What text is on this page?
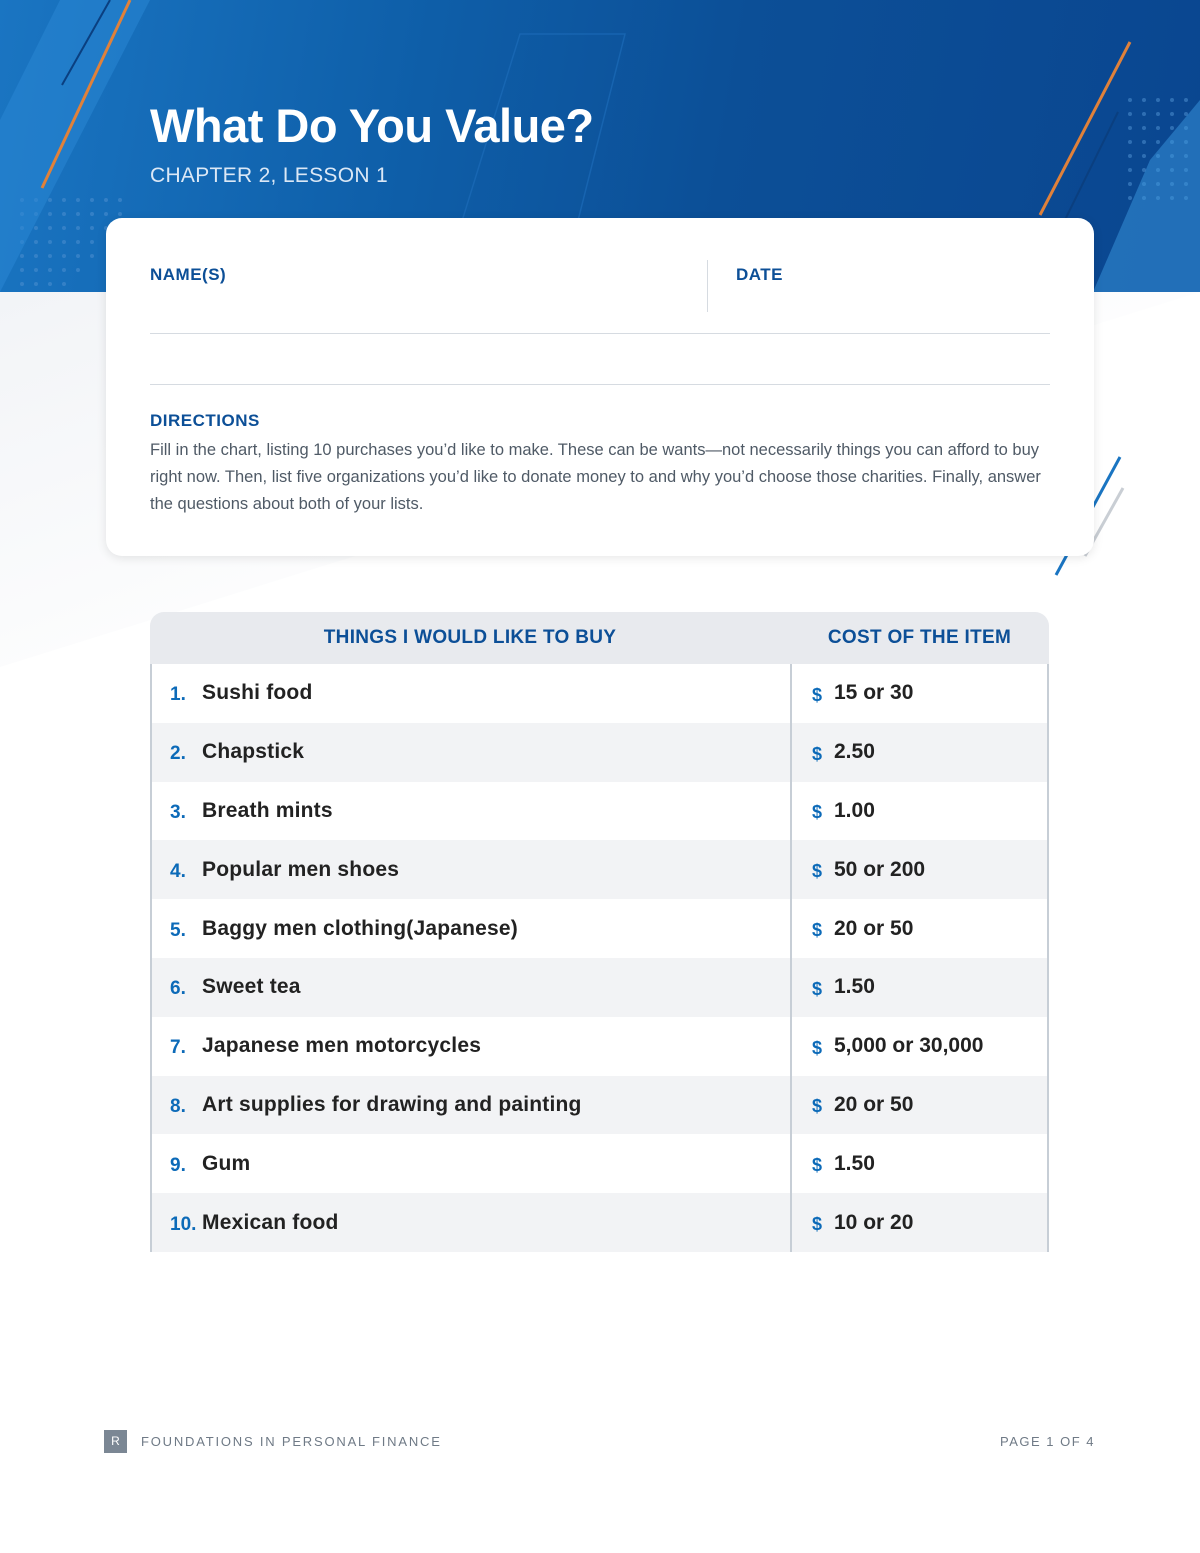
What Do You Value?

CHAPTER 2, LESSON 1

NAME(S)	DATE
DIRECTIONS

Fill in the chart, listing 10 purchases you’d like to make. These can be wants—not necessarily things you can afford to buy right now. Then, list five organizations you’d like to donate money to and why you’d choose those charities. Finally, answer the questions about both of your lists.

THINGS I WOULD LIKE TO BUY	COST OF THE ITEM
1. Sushi food	$ 15 or 30
2. Chapstick	$ 2.50
3. Breath mints	$ 1.00
4. Popular men shoes	$ 50 or 200
5. Baggy men clothing(Japanese)	$ 20 or 50
6. Sweet tea	$ 1.50
7. Japanese men motorcycles	$ 5,000 or 30,000
8. Art supplies for drawing and painting	$ 20 or 50
9. Gum	$ 1.50
10. Mexican food	$ 10 or 20
R	FOUNDATIONS IN PERSONAL FINANCE	PAGE 1 OF 4
